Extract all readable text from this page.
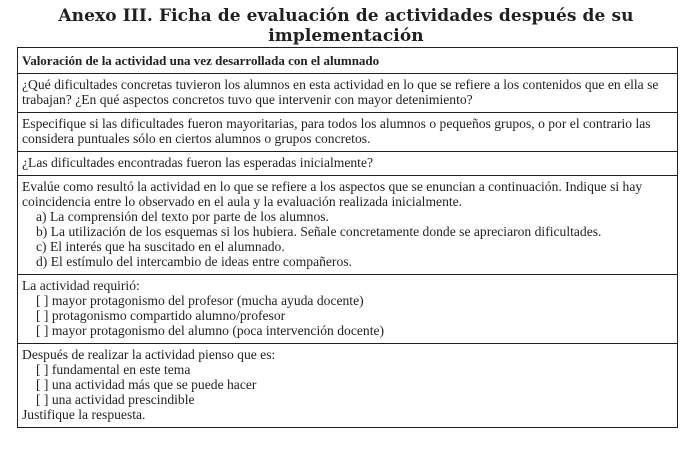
Anexo III. Ficha de evaluación de actividades después de su implementación
Valoración de la actividad una vez desarrollada con el alumnado
¿Qué dificultades concretas tuvieron los alumnos en esta actividad en lo que se refiere a los contenidos que en ella se
trabajan? ¿En qué aspectos concretos tuvo que intervenir con mayor detenimiento?
Especifique si las dificultades fueron mayoritarias, para todos los alumnos o pequeños grupos, o por el contrario las
considera puntuales sólo en ciertos alumnos o grupos concretos.
¿Las dificultades encontradas fueron las esperadas inicialmente?
Evalúe como resultó la actividad en lo que se refiere a los aspectos que se enuncian a continuación. Indique si hay
coincidencia entre lo observado en el aula y la evaluación realizada inicialmente.
a) La comprensión del texto por parte de los alumnos.
b) La utilización de los esquemas si los hubiera. Señale concretamente donde se apreciaron dificultades.
c) El interés que ha suscitado en el alumnado.
d) El estímulo del intercambio de ideas entre compañeros.
La actividad requirió:
[ ] mayor protagonismo del profesor (mucha ayuda docente)
[ ] protagonismo compartido alumno/profesor
[ ] mayor protagonismo del alumno (poca intervención docente)
Después de realizar la actividad pienso que es:
[ ] fundamental en este tema
[ ] una actividad más que se puede hacer
[ ] una actividad prescindible
Justifique la respuesta.
